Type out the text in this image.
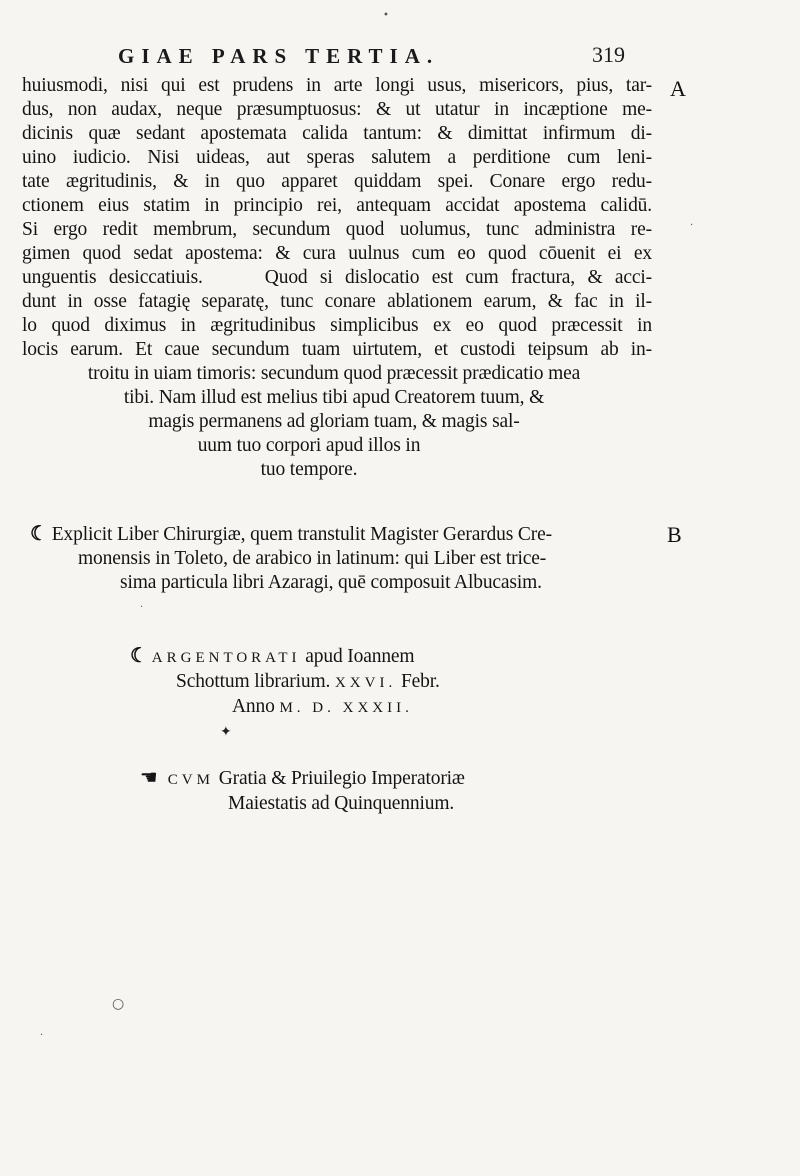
GIAE PARS TERTIA.	319
A
B
huiusmodi, nisi qui est prudens in arte longi usus, misericors, pius, tar-
dus, non audax, neque præsumptuosus: & ut utatur in incæptione me-
dicinis quæ sedant apostemata calida tantum: & dimittat infirmum di-
uino iudicio. Nisi uideas, aut speras salutem a perditione cum leni-
tate ægritudinis, & in quo apparet quiddam spei. Conare ergo redu-
ctionem eius statim in principio rei, antequam accidat apostema calidū.
Si ergo redit membrum, secundum quod uolumus, tunc administra re-
gimen quod sedat apostema: & cura uulnus cum eo quod cōuenit ei ex
unguentis desiccatiuis.     Quod si dislocatio est cum fractura, & acci-
dunt in osse fatagię separatę, tunc conare ablationem earum, & fac in il-
lo quod diximus in ægritudinibus simplicibus ex eo quod præcessit in
locis earum. Et caue secundum tuam uirtutem, et custodi teipsum ab in-
troitu in uiam timoris: secundum quod præcessit prædicatio mea
tibi. Nam illud est melius tibi apud Creatorem tuum, &
magis permanens ad gloriam tuam, & magis sal-
uum tuo corpori apud illos in
tuo tempore.
☾ Explicit Liber Chirurgiæ, quem transtulit Magister Gerardus Cre-
monensis in Toleto, de arabico in latinum: qui Liber est trice-
sima particula libri Azaragi, quē composuit Albucasim.
☾ ARGENTORATI apud Ioannem
Schottum librarium. XXVI. Febr.
Anno M. D. XXXII.
✦
☛ CVM Gratia & Priuilegio Imperatoriæ
Maiestatis ad Quinquennium.
•
○
·
·
·
